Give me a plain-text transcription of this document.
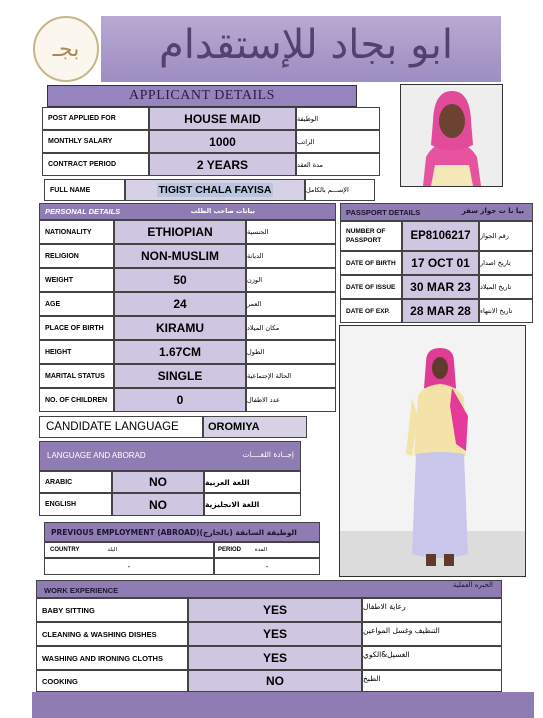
بجـ ابو بجاد للإستقدام
APPLICANT DETAILS
POST APPLIED FOR	HOUSE MAID	الوظيفة
MONTHLY SALARY	1000	الراتب
CONTRACT PERIOD	2 YEARS	مدة العقد
FULL NAME	TIGIST CHALA FAYISA	الإســـم بالكامل
PERSONAL DETAILS	بيانات صاحب الطلب
NATIONALITY	ETHIOPIAN	الجنسية
RELIGION	NON-MUSLIM	الديانة
WEIGHT	50	الوزن
AGE	24	العمر
PLACE OF BIRTH	KIRAMU	مكان الميلاد
HEIGHT	1.67CM	الطول
MARITAL STATUS	SINGLE	الحالة الإجتماعية
NO. OF CHILDREN	0	عدد الاطفال
PASSPORT DETAILS	بيا نا ت جواز سفر
NUMBER OF PASSPORT	EP8106217	رقم الجواز
DATE OF BIRTH	17 OCT 01	تاريخ اصدار
DATE OF ISSUE	30 MAR 23	تاريخ الميلاد
DATE OF EXP.	28 MAR 28	تاريخ الانتهاء
CANDIDATE LANGUAGE	OROMIYA
LANGUAGE AND ABORAD	إجــادة اللغــــات
ARABIC	NO	اللغة العربية
ENGLISH	NO	اللغة الانجليزية
PREVIOUS EMPLOYMENT (ABROAD)(الوظيفة السابقة (بالخارج
COUNTRY	البلد	PERIOD	المدة
-	-
WORK EXPERIENCE
الخبره العملية
BABY SITTING	YES	رعاية الاطفال
CLEANING & WASHING DISHES	YES	التنظيف وغسل المواعين
WASHING AND IRONING CLOTHS	YES	الغسيل&الكوي
COOKING	NO	الطبخ
